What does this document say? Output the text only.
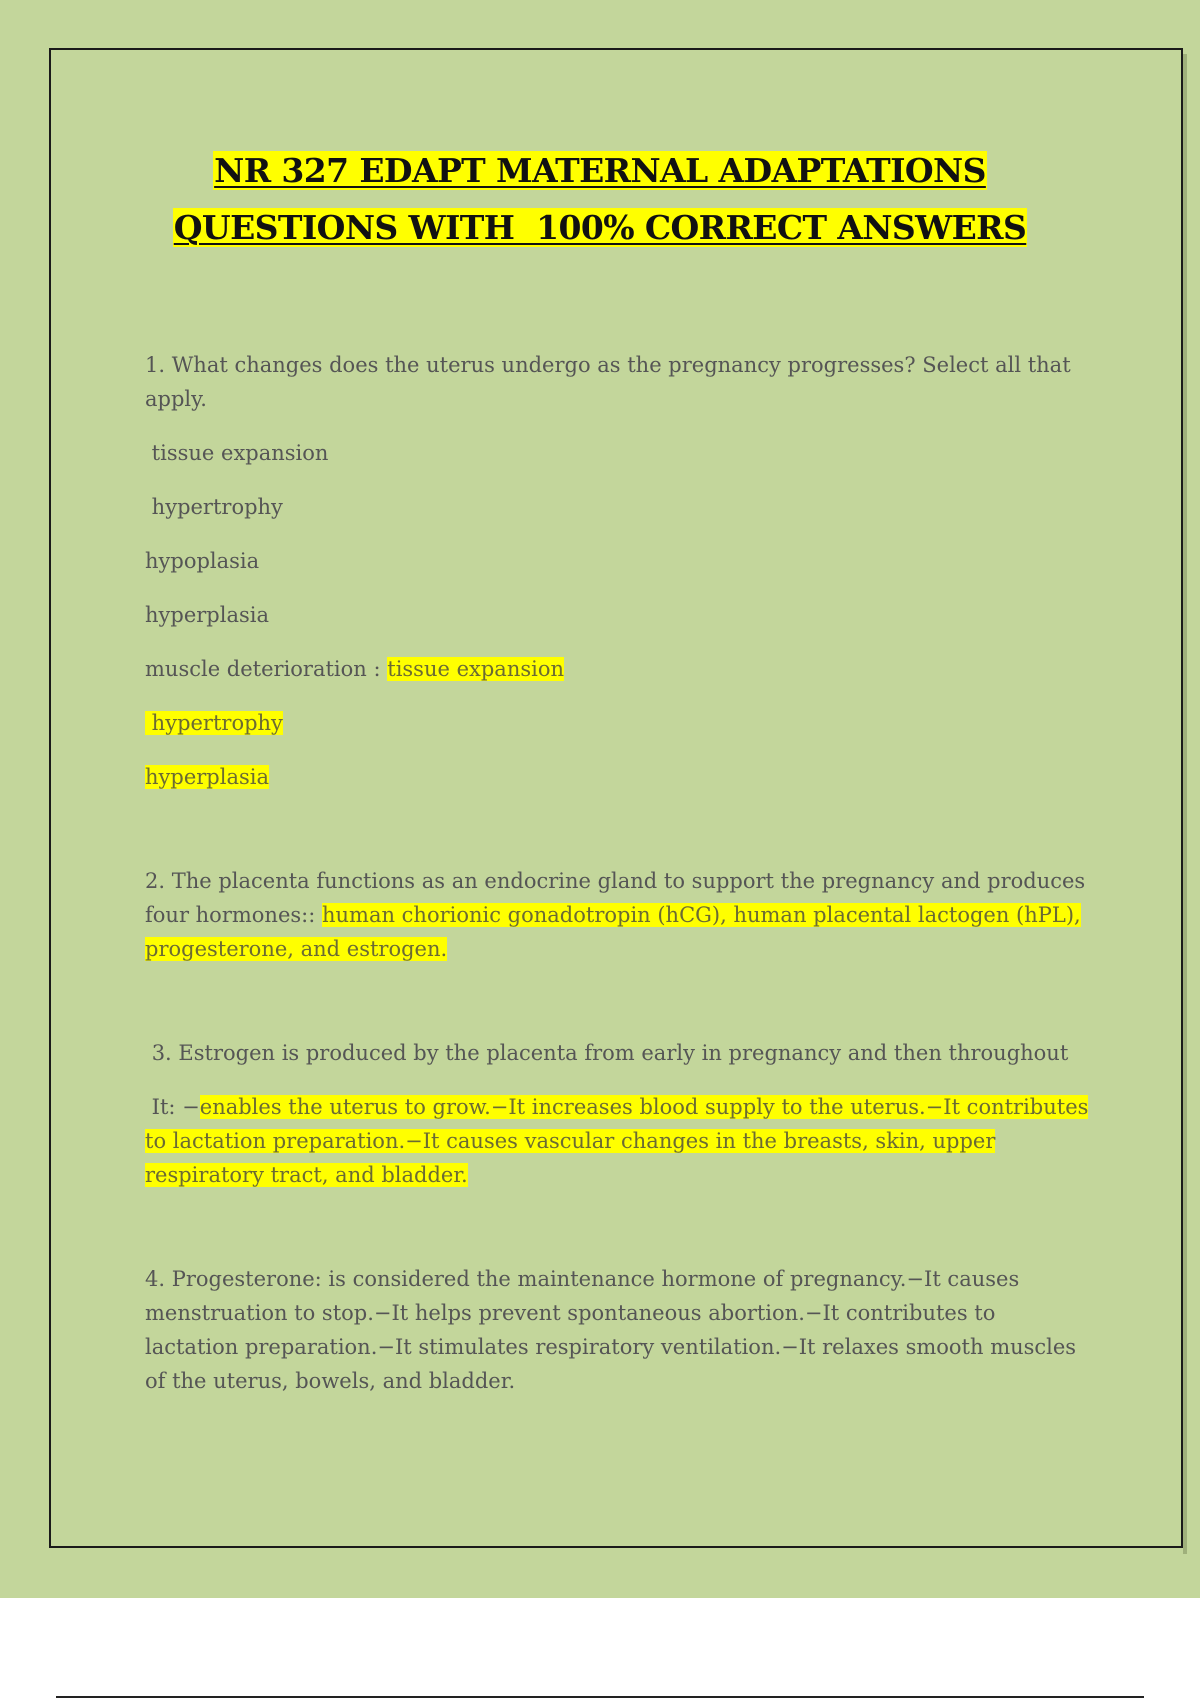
NR 327 EDAPT MATERNAL ADAPTATIONS
QUESTIONS WITH  100% CORRECT ANSWERS

1. What changes does the uterus undergo as the pregnancy progresses? Select all that apply.

tissue expansion

hypertrophy

hypoplasia

hyperplasia

muscle deterioration : tissue expansion

hypertrophy

hyperplasia

2. The placenta functions as an endocrine gland to support the pregnancy and produces four hormones:: human chorionic gonadotropin (hCG), human placental lactogen (hPL), progesterone, and estrogen.

3. Estrogen is produced by the placenta from early in pregnancy and then throughout

It: −enables the uterus to grow.−It increases blood supply to the uterus.−It contributes to lactation preparation.−It causes vascular changes in the breasts, skin, upper respiratory tract, and bladder.

4. Progesterone: is considered the maintenance hormone of pregnancy.−It causes menstruation to stop.−It helps prevent spontaneous abortion.−It contributes to lactation preparation.−It stimulates respiratory ventilation.−It relaxes smooth muscles of the uterus, bowels, and bladder.
